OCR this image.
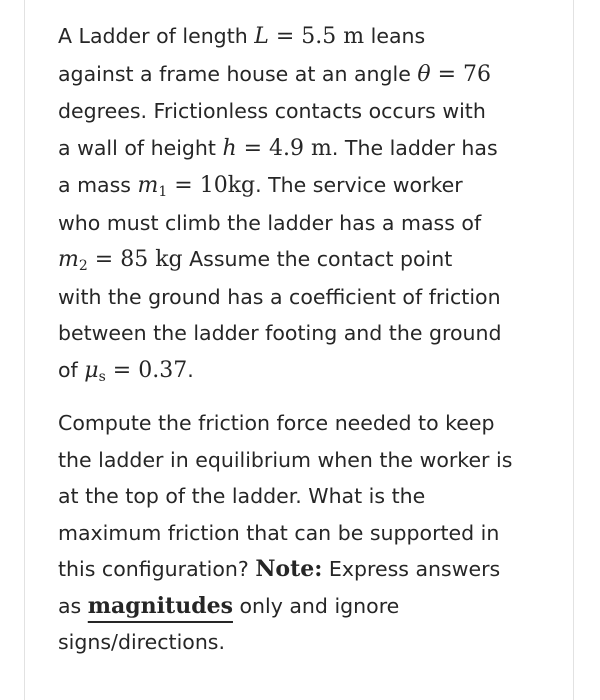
A Ladder of length L = 5.5 m leans
against a frame house at an angle θ = 76
degrees. Frictionless contacts occurs with
a wall of height h = 4.9 m. The ladder has
a mass $m_1 = 10kg$. The service worker
who must climb the ladder has a mass of
$m_2 = 85$ kg Assume the contact point
with the ground has a coefficient of friction
between the ladder footing and the ground
of $\mu_s = 0.37$.

Compute the friction force needed to keep
the ladder in equilibrium when the worker is
at the top of the ladder. What is the
maximum friction that can be supported in
this configuration? Note: Express answers
as magnitudes only and ignore
signs/directions.
